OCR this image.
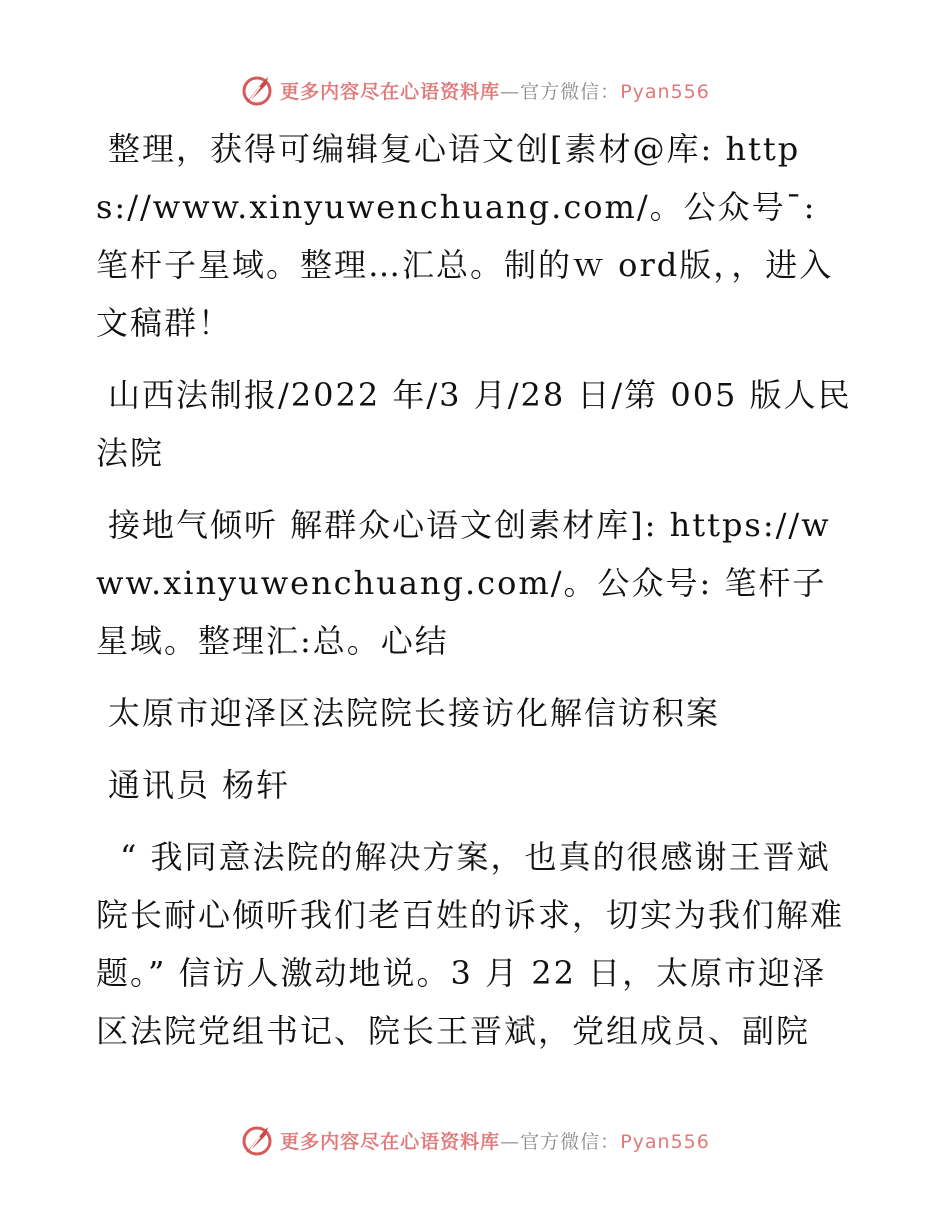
更多内容尽在心语资料库—官方微信：Pyan556

整理，获得可编辑复心语文创[素材@库: https://www.xinyuwenchuang.com/。公众号¯: 笔杆子星域。整理…汇总。制的ｗ ord版，，进入文稿群！

山西法制报/2022 年/3 月/28 日/第 005 版人民法院

接地气倾听 解群众心语文创素材库]: https://www.xinyuwenchuang.com/。公众号: 笔杆子星域。整理汇:总。心结

太原市迎泽区法院院长接访化解信访积案

通讯员 杨轩

“ 我同意法院的解决方案，也真的很感谢王晋斌院长耐心倾听我们老百姓的诉求，切实为我们解难题。” 信访人激动地说。3 月 22 日，太原市迎泽区法院党组书记、院长王晋斌，党组成员、副院

更多内容尽在心语资料库—官方微信：Pyan556
